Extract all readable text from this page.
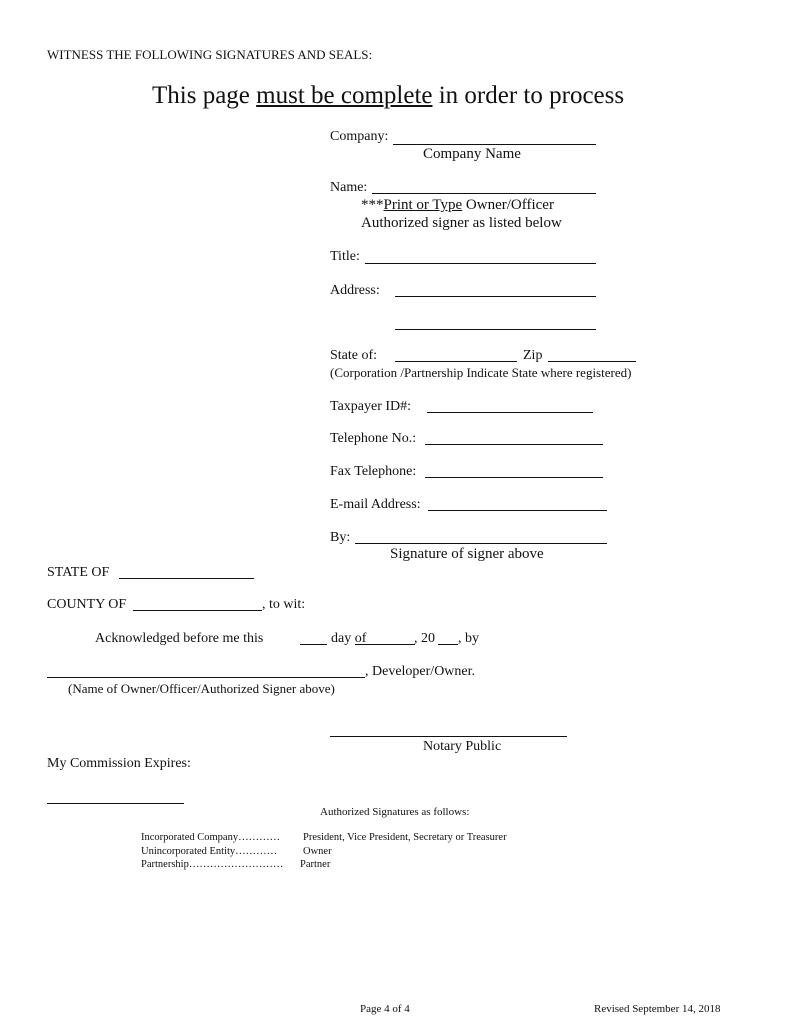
WITNESS THE FOLLOWING SIGNATURES AND SEALS:
This page must be complete in order to process
Company:
Company Name
Name:
***Print or Type Owner/Officer
Authorized signer as listed below
Title:
Address:
State of:	Zip
(Corporation /Partnership Indicate State where registered)
Taxpayer ID#:
Telephone No.:
Fax Telephone:
E-mail Address:
By:
Signature of signer above
STATE OF
COUNTY OF	, to wit:
Acknowledged before me this	day of	, 20 , by
, Developer/Owner.
(Name of Owner/Officer/Authorized Signer above)
Notary Public
My Commission Expires:
Authorized Signatures as follows:
Incorporated Company………… President, Vice President, Secretary or Treasurer
Unincorporated Entity………… Owner
Partnership……………………… Partner
Page 4 of 4	Revised September 14, 2018
